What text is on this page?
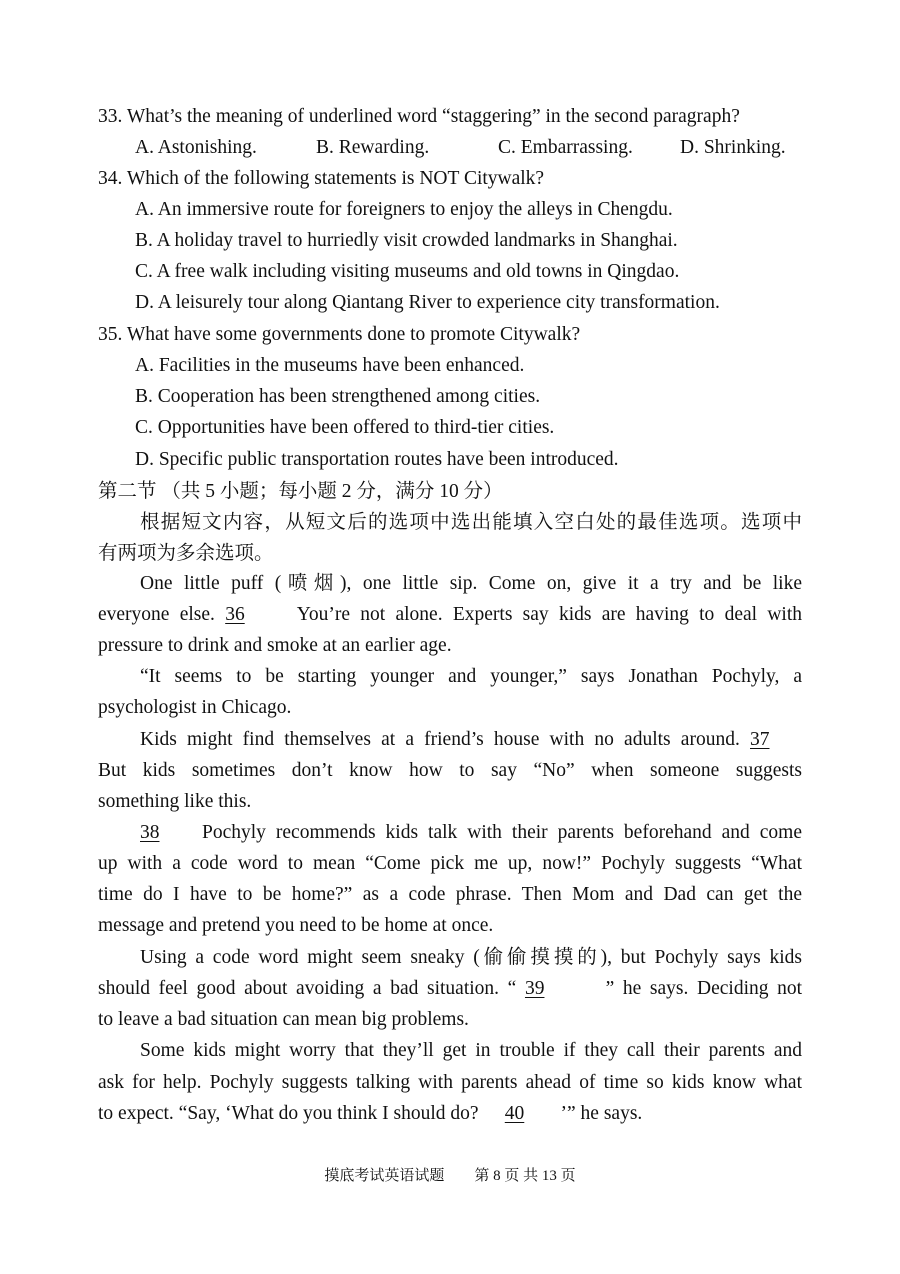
33. What’s the meaning of underlined word “staggering” in the second paragraph?
A. Astonishing.	B. Rewarding.	C. Embarrassing.	D. Shrinking.
34. Which of the following statements is NOT Citywalk?
A. An immersive route for foreigners to enjoy the alleys in Chengdu.
B. A holiday travel to hurriedly visit crowded landmarks in Shanghai.
C. A free walk including visiting museums and old towns in Qingdao.
D. A leisurely tour along Qiantang River to experience city transformation.
35. What have some governments done to promote Citywalk?
A. Facilities in the museums have been enhanced.
B. Cooperation has been strengthened among cities.
C. Opportunities have been offered to third-tier cities.
D. Specific public transportation routes have been introduced.
第二节 （共 5 小题；每小题 2 分，满分 10 分）
根据短文内容，从短文后的选项中选出能填入空白处的最佳选项。选项中
有两项为多余选项。
One little puff (喷烟), one little sip. Come on, give it a try and be like
everyone else. 36	You’re not alone. Experts say kids are having to deal with
pressure to drink and smoke at an earlier age.
“It seems to be starting younger and younger,” says Jonathan Pochyly, a
psychologist in Chicago.
Kids might find themselves at a friend’s house with no adults around. 37
But kids sometimes don’t know how to say “No” when someone suggests
something like this.
38 Pochyly recommends kids talk with their parents beforehand and come
up with a code word to mean “Come pick me up, now!” Pochyly suggests “What
time do I have to be home?” as a code phrase. Then Mom and Dad can get the
message and pretend you need to be home at once.
Using a code word might seem sneaky (偷偷摸摸的), but Pochyly says kids
should feel good about avoiding a bad situation. “ 39	” he says. Deciding not
to leave a bad situation can mean big problems.
Some kids might worry that they’ll get in trouble if they call their parents and
ask for help. Pochyly suggests talking with parents ahead of time so kids know what
to expect. “Say, ‘What do you think I should do? 40 ’” he says.
摸底考试英语试题 第 8 页 共 13 页
